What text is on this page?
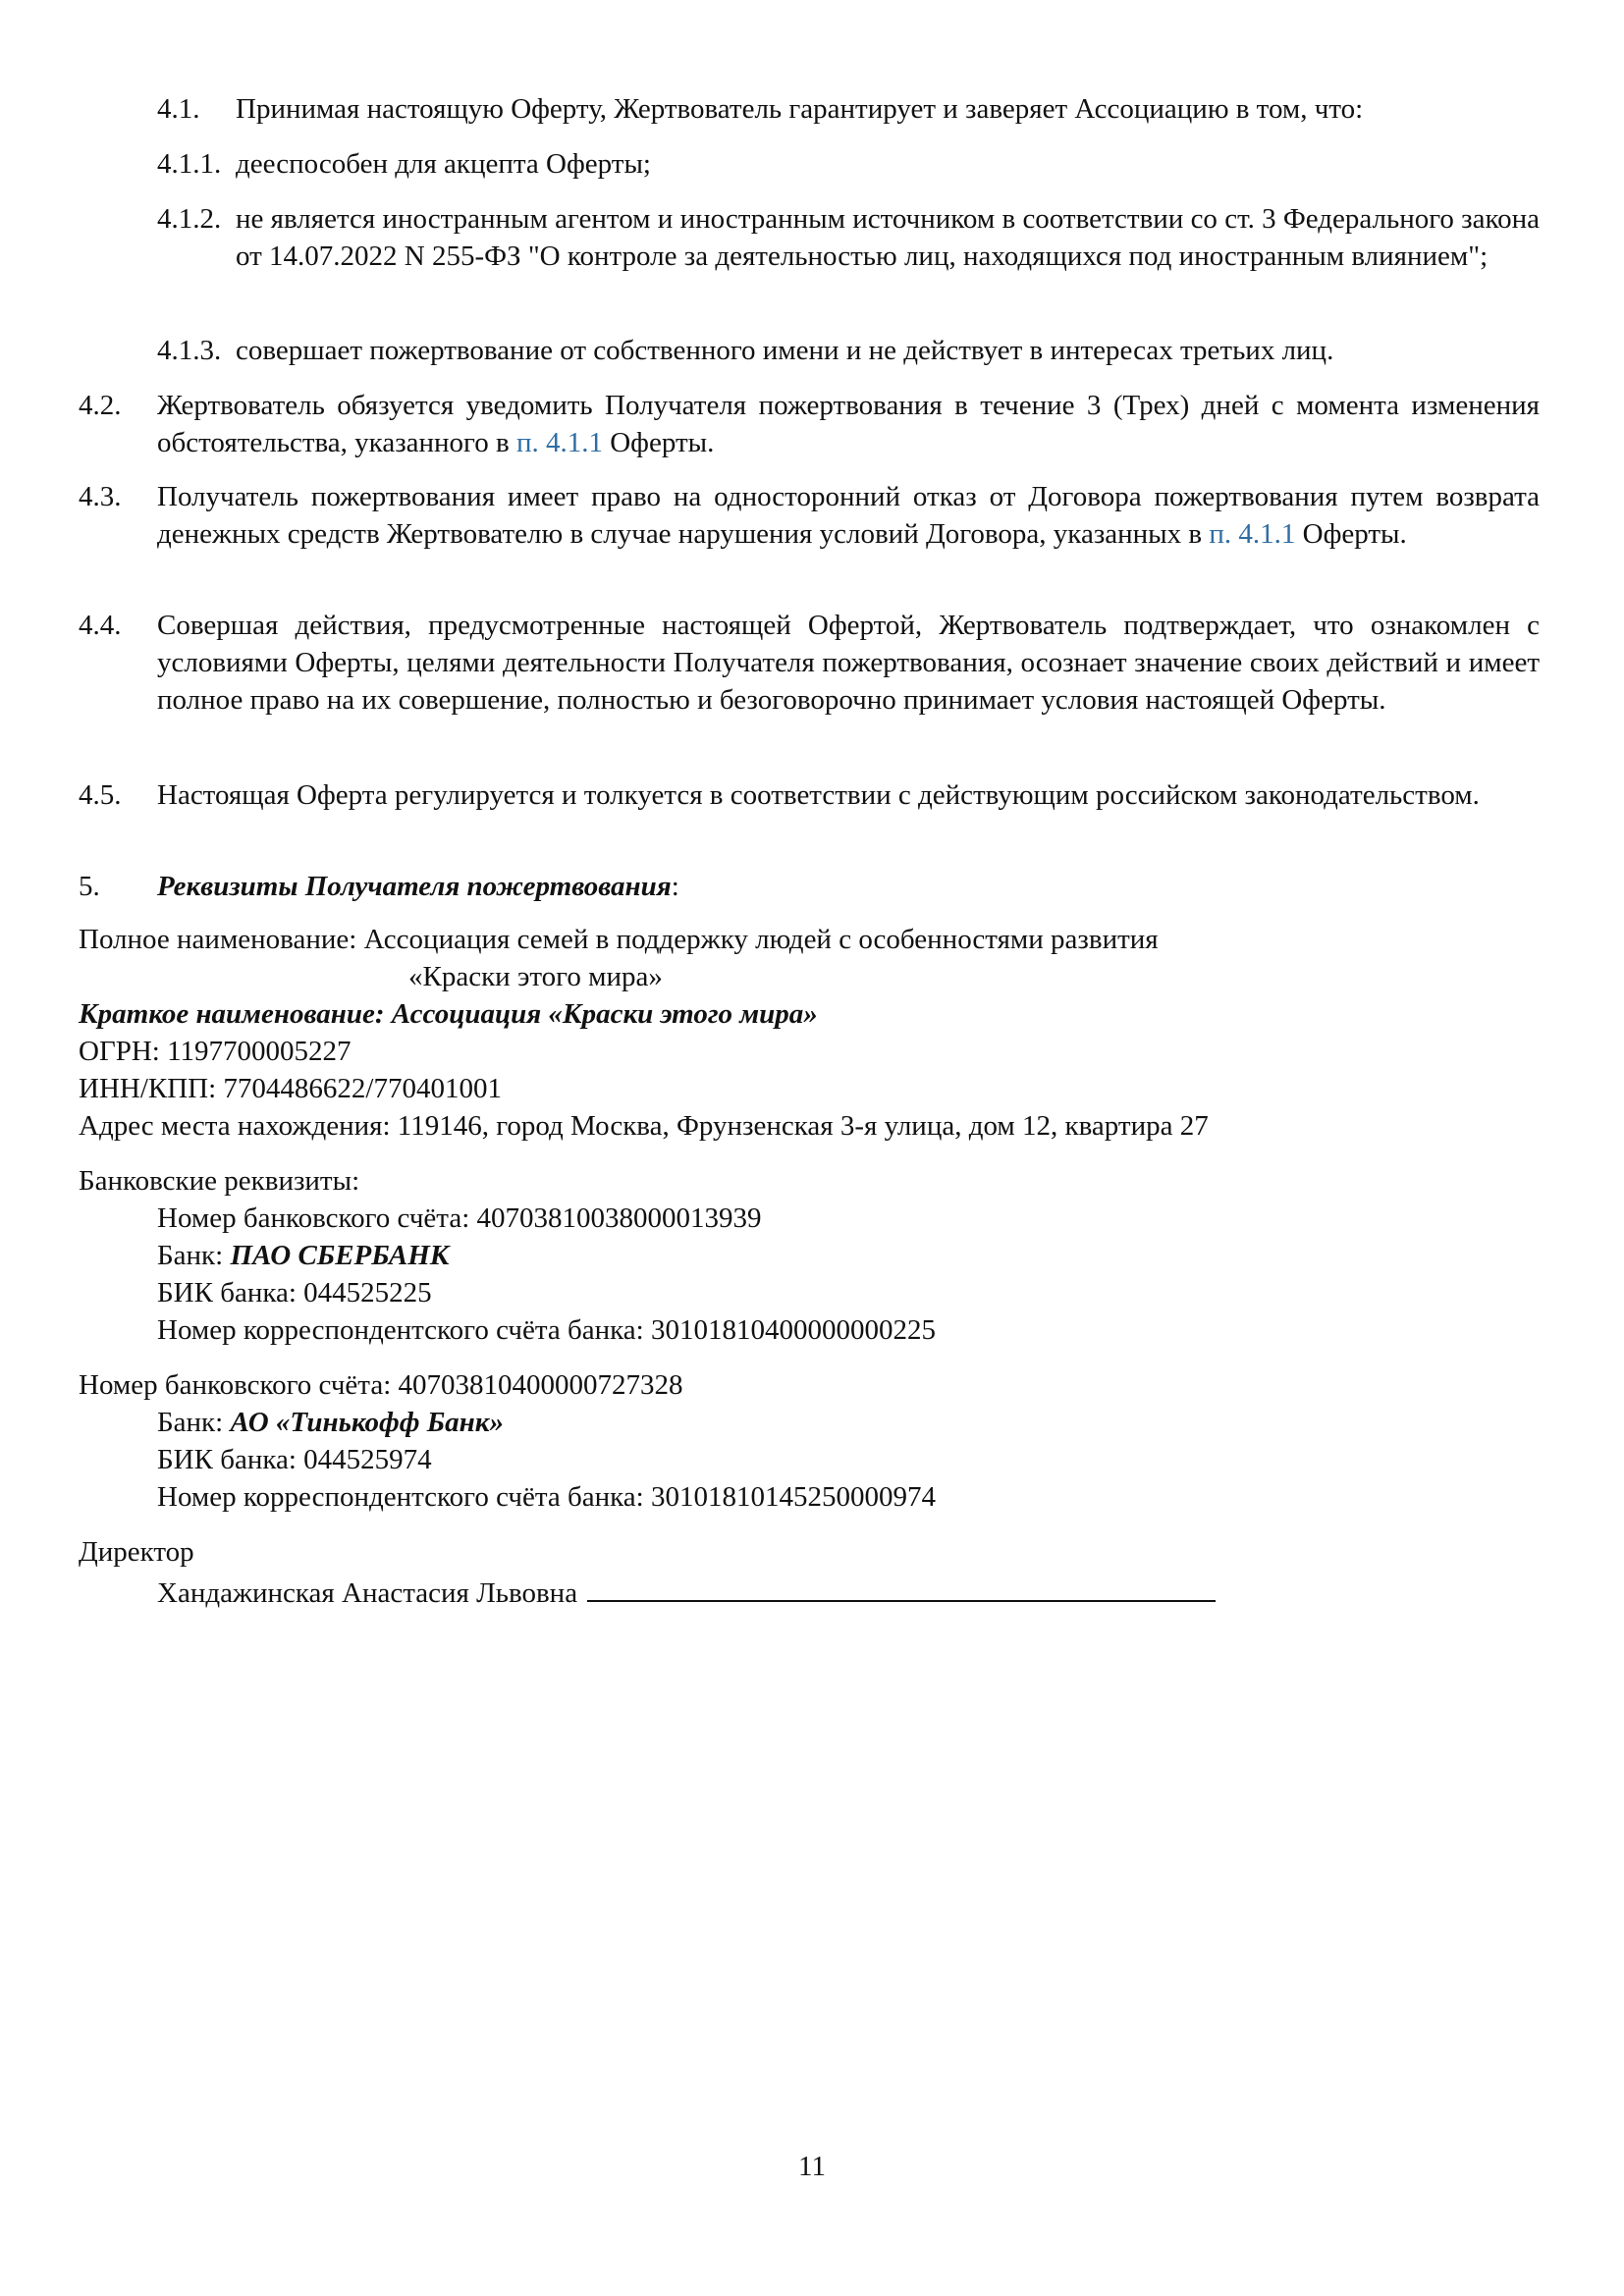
4.1.	Принимая настоящую Оферту, Жертвователь гарантирует и заверяет Ассоциацию в том, что:
4.1.1. дееспособен для акцепта Оферты;
4.1.2. не является иностранным агентом и иностранным источником в соответствии со ст. 3 Федерального закона от 14.07.2022 N 255-ФЗ "О контроле за деятельностью лиц, находящихся под иностранным влиянием";
4.1.3. совершает пожертвование от собственного имени и не действует в интересах третьих лиц.
4.2.	Жертвователь обязуется уведомить Получателя пожертвования в течение 3 (Трех) дней с момента изменения обстоятельства, указанного в п. 4.1.1 Оферты.
4.3.	Получатель пожертвования имеет право на односторонний отказ от Договора пожертвования путем возврата денежных средств Жертвователю в случае нарушения условий Договора, указанных в п. 4.1.1 Оферты.
4.4.	Совершая действия, предусмотренные настоящей Офертой, Жертвователь подтверждает, что ознакомлен с условиями Оферты, целями деятельности Получателя пожертвования, осознает значение своих действий и имеет полное право на их совершение, полностью и безоговорочно принимает условия настоящей Оферты.
4.5.	Настоящая Оферта регулируется и толкуется в соответствии с действующим российском законодательством.
5.	Реквизиты Получателя пожертвования:
Полное наименование: Ассоциация семей в поддержку людей с особенностями развития
«Краски этого мира»
Краткое наименование: Ассоциация «Краски этого мира»
ОГРН: 1197700005227
ИНН/КПП: 7704486622/770401001
Адрес места нахождения: 119146, город Москва, Фрунзенская 3-я улица, дом 12, квартира 27
Банковские реквизиты:
Номер банковского счёта: 40703810038000013939
Банк: ПАО СБЕРБАНК
БИК банка: 044525225
Номер корреспондентского счёта банка: 30101810400000000225
Номер банковского счёта: 40703810400000727328
Банк: АО «Тинькофф Банк»
БИК банка: 044525974
Номер корреспондентского счёта банка: 30101810145250000974
Директор
Хандажинская Анастасия Львовна
11
